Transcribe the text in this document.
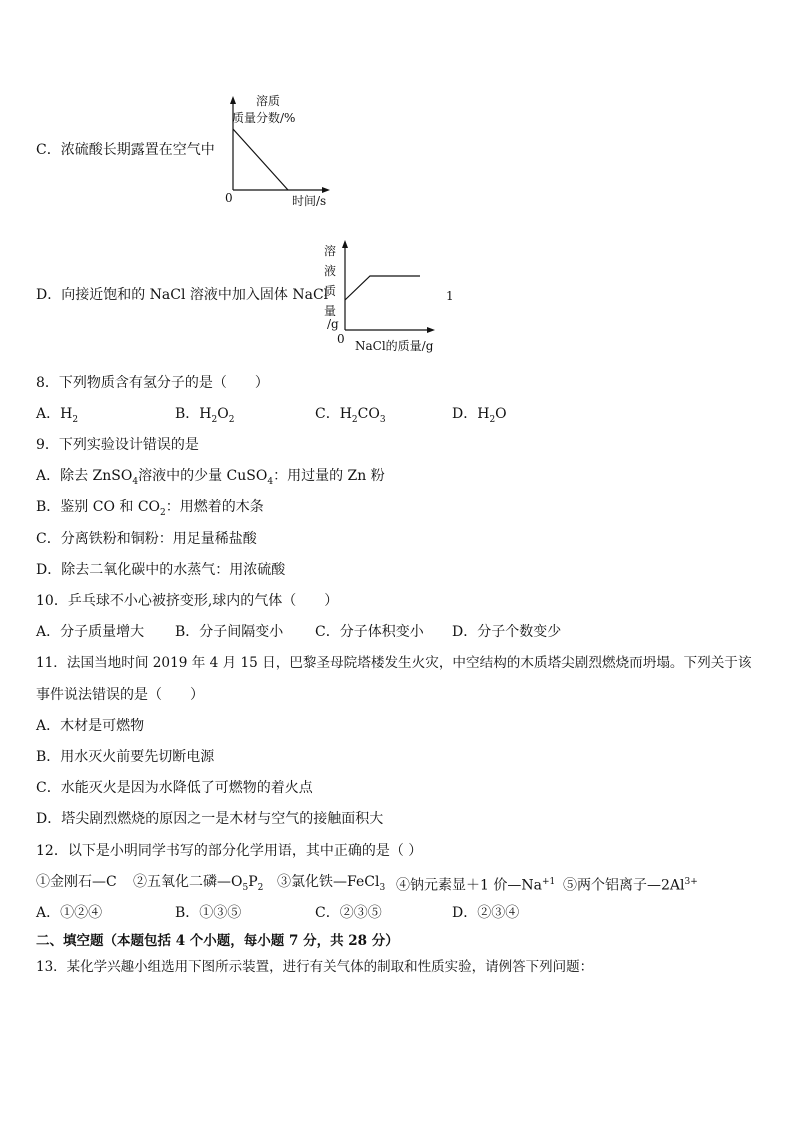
C．浓硫酸长期露置在空气中
溶质
质量分数/%
0	时间/s
D．向接近饱和的 NaCl 溶液中加入固体 NaCl
溶
液
质
量
/g
0 NaCl的质量/g
1
8．下列物质含有氢分子的是（　　）
A．$H_2$	B．$H_2O_2$	C．$H_2CO_3$	D．$H_2O$
9．下列实验设计错误的是
A．除去 ZnSO$_4$溶液中的少量 CuSO$_4$：用过量的 Zn 粉
B．鉴别 CO 和 $CO_2$：用燃着的木条
C．分离铁粉和铜粉：用足量稀盐酸
D．除去二氧化碳中的水蒸气：用浓硫酸
10．乒乓球不小心被挤变形,球内的气体（　　）
A．分子质量增大 B．分子间隔变小 C．分子体积变小 D．分子个数变少
11．法国当地时间 2019 年 4 月 15 日，巴黎圣母院塔楼发生火灾，中空结构的木质塔尖剧烈燃烧而坍塌。下列关于该
事件说法错误的是（　　）
A．木材是可燃物
B．用水灭火前要先切断电源
C．水能灭火是因为水降低了可燃物的着火点
D．塔尖剧烈燃烧的原因之一是木材与空气的接触面积大
12．以下是小明同学书写的部分化学用语，其中正确的是（ ）
①金刚石—C ②五氧化二磷$—O_5P_2$ ③氯化铁—FeCl$_3$ ④钠元素显＋1 价$—Na^{+1}$ ⑤两个铝离子$—2Al^{3+}$
A．①②④	B．①③⑤	C．②③⑤	D．②③④
二、填空题（本题包括 4 个小题，每小题 7 分，共 28 分）
13．某化学兴趣小组选用下图所示装置，进行有关气体的制取和性质实验，请例答下列问题：
